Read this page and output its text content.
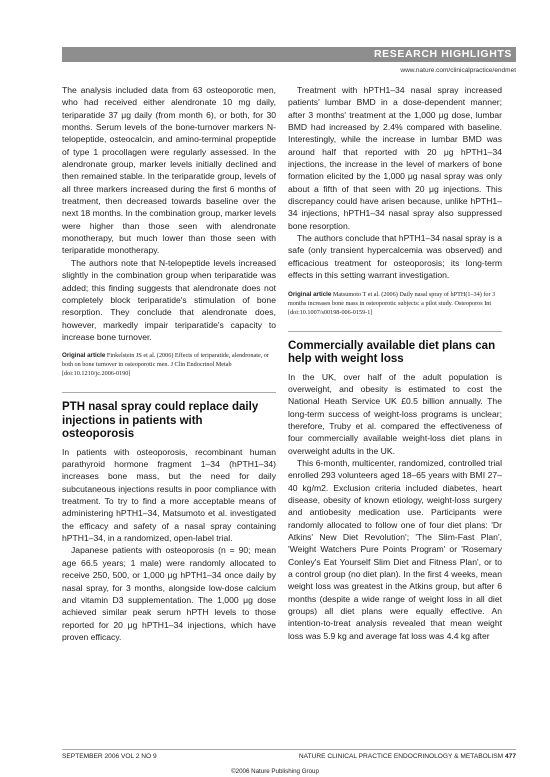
RESEARCH HIGHLIGHTS
www.nature.com/clinicalpractice/endmet

The analysis included data from 63 osteoporotic men, who had received either alendronate 10 mg daily, teriparatide 37 μg daily (from month 6), or both, for 30 months. Serum levels of the bone-turnover markers N-telopeptide, osteocalcin, and amino-terminal propeptide of type 1 procollagen were regularly assessed. In the alendronate group, marker levels initially declined and then remained stable. In the teriparatide group, levels of all three markers increased during the first 6 months of treatment, then decreased towards baseline over the next 18 months. In the combination group, marker levels were higher than those seen with alendronate monotherapy, but much lower than those seen with teriparatide monotherapy.

The authors note that N-telopeptide levels increased slightly in the combination group when teriparatide was added; this finding suggests that alendronate does not completely block teriparatide's stimulation of bone resorption. They conclude that alendronate does, however, markedly impair teriparatide's capacity to increase bone turnover.

Original article Finkelstein JS et al. (2006) Effects of teriparatide, alendronate, or both on bone turnover in osteoporotic men. J Clin Endocrinol Metab [doi:10.1210/jc.2006-0190]
PTH nasal spray could replace daily injections in patients with osteoporosis

In patients with osteoporosis, recombinant human parathyroid hormone fragment 1–34 (hPTH1–34) increases bone mass, but the need for daily subcutaneous injections results in poor compliance with treatment. To try to find a more acceptable means of administering hPTH1–34, Matsumoto et al. investigated the efficacy and safety of a nasal spray containing hPTH1–34, in a randomized, open-label trial.

Japanese patients with osteoporosis (n = 90; mean age 66.5 years; 1 male) were randomly allocated to receive 250, 500, or 1,000 μg hPTH1–34 once daily by nasal spray, for 3 months, alongside low-dose calcium and vitamin D3 supplementation. The 1,000 μg dose achieved similar peak serum hPTH levels to those reported for 20 μg hPTH1–34 injections, which have proven efficacy.

Treatment with hPTH1–34 nasal spray increased patients' lumbar BMD in a dose-dependent manner; after 3 months' treatment at the 1,000 μg dose, lumbar BMD had increased by 2.4% compared with baseline. Interestingly, while the increase in lumbar BMD was around half that reported with 20 μg hPTH1–34 injections, the increase in the level of markers of bone formation elicited by the 1,000 μg nasal spray was only about a fifth of that seen with 20 μg injections. This discrepancy could have arisen because, unlike hPTH1–34 injections, hPTH1–34 nasal spray also suppressed bone resorption.

The authors conclude that hPTH1–34 nasal spray is a safe (only transient hypercalcemia was observed) and efficacious treatment for osteoporosis; its long-term effects in this setting warrant investigation.

Original article Matsumoto T et al. (2006) Daily nasal spray of hPTH(1–34) for 3 months increases bone mass in osteoporotic subjects: a pilot study. Osteoporos Int [doi:10.1007/s00198-006-0159-1]
Commercially available diet plans can help with weight loss

In the UK, over half of the adult population is overweight, and obesity is estimated to cost the National Heath Service UK £0.5 billion annually. The long-term success of weight-loss programs is unclear; therefore, Truby et al. compared the effectiveness of four commercially available weight-loss diet plans in overweight adults in the UK.

This 6-month, multicenter, randomized, controlled trial enrolled 293 volunteers aged 18–65 years with BMI 27–40 kg/m2. Exclusion criteria included diabetes, heart disease, obesity of known etiology, weight-loss surgery and antiobesity medication use. Participants were randomly allocated to follow one of four diet plans: 'Dr Atkins' New Diet Revolution'; 'The Slim-Fast Plan', 'Weight Watchers Pure Points Program' or 'Rosemary Conley's Eat Yourself Slim Diet and Fitness Plan', or to a control group (no diet plan). In the first 4 weeks, mean weight loss was greatest in the Atkins group, but after 6 months (despite a wide range of weight loss in all diet groups) all diet plans were equally effective. An intention-to-treat analysis revealed that mean weight loss was 5.9 kg and average fat loss was 4.4 kg after

SEPTEMBER 2006 VOL 2 NO 9	NATURE CLINICAL PRACTICE ENDOCRINOLOGY & METABOLISM 477
©2006 Nature Publishing Group
